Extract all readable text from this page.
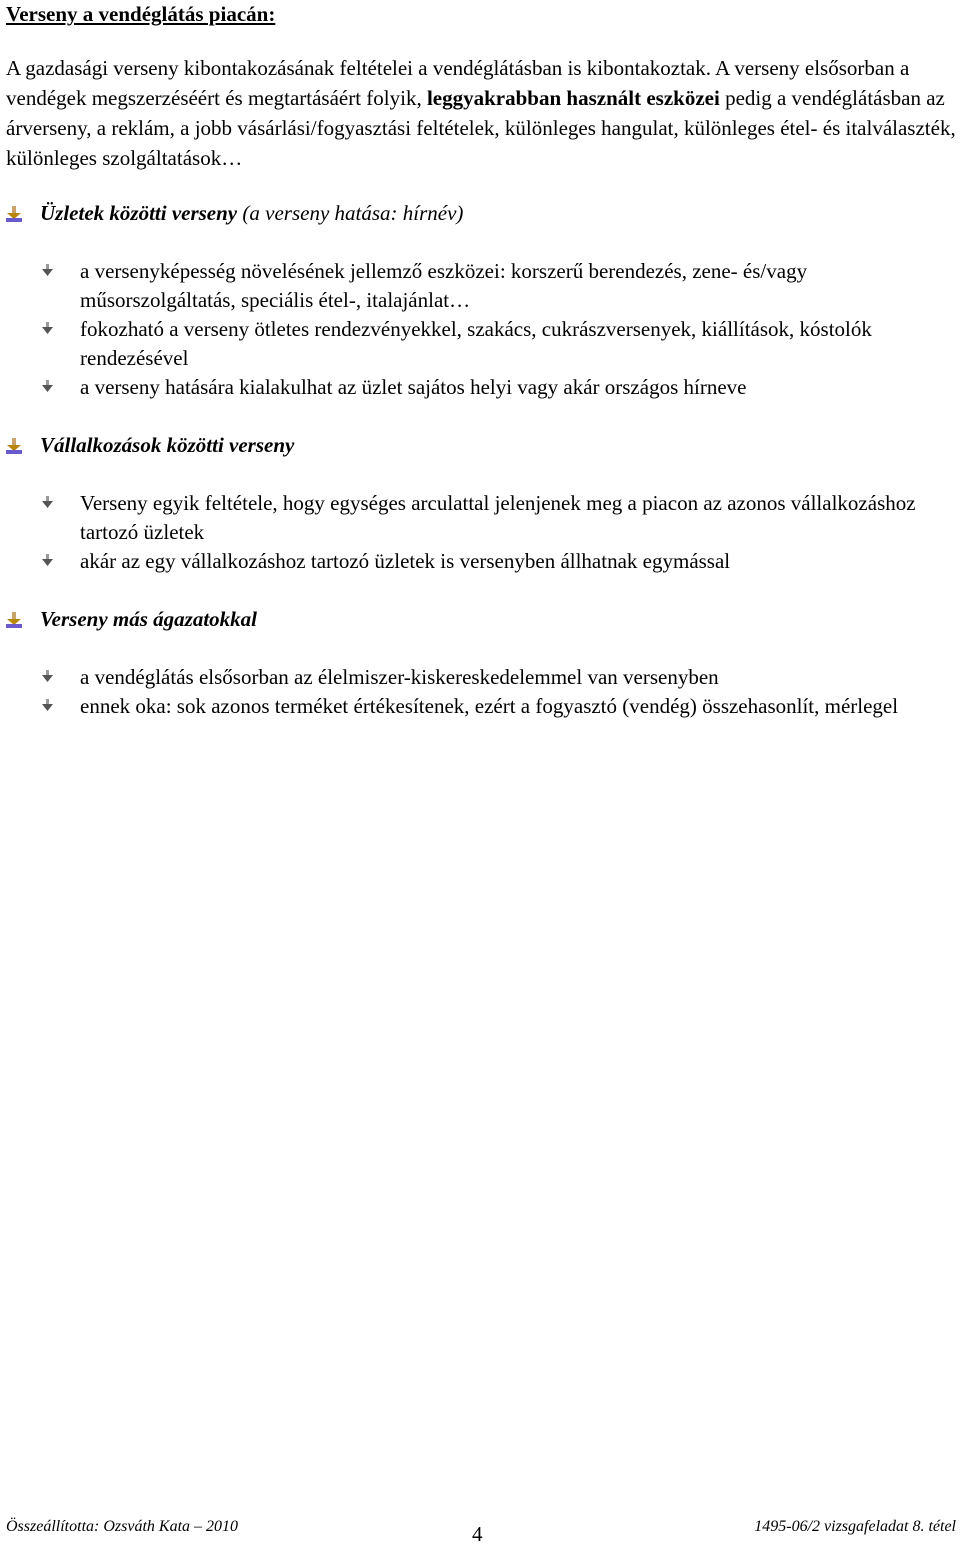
Verseny a vendéglátás piacán:

A gazdasági verseny kibontakozásának feltételei a vendéglátásban is kibontakoztak. A verseny elsősorban a vendégek megszerzéséért és megtartásáért folyik, leggyakrabban használt eszközei pedig a vendéglátásban az árverseny, a reklám, a jobb vásárlási/fogyasztási feltételek, különleges hangulat, különleges étel- és italválaszték, különleges szolgáltatások…

Üzletek közötti verseny (a verseny hatása: hírnév)

a versenyképesség növelésének jellemző eszközei: korszerű berendezés, zene- és/vagy műsorszolgáltatás, speciális étel-, italajánlat…
fokozható a verseny ötletes rendezvényekkel, szakács, cukrászversenyek, kiállítások, kóstolók rendezésével
a verseny hatására kialakulhat az üzlet sajátos helyi vagy akár országos hírneve

Vállalkozások közötti verseny

Verseny egyik feltétele, hogy egységes arculattal jelenjenek meg a piacon az azonos vállalkozáshoz tartozó üzletek
akár az egy vállalkozáshoz tartozó üzletek is versenyben állhatnak egymással

Verseny más ágazatokkal

a vendéglátás elsősorban az élelmiszer-kiskereskedelemmel van versenyben
ennek oka: sok azonos terméket értékesítenek, ezért a fogyasztó (vendég) összehasonlít, mérlegel

Összeállította: Ozsváth Kata – 2010	4	1495-06/2 vizsgafeladat 8. tétel
